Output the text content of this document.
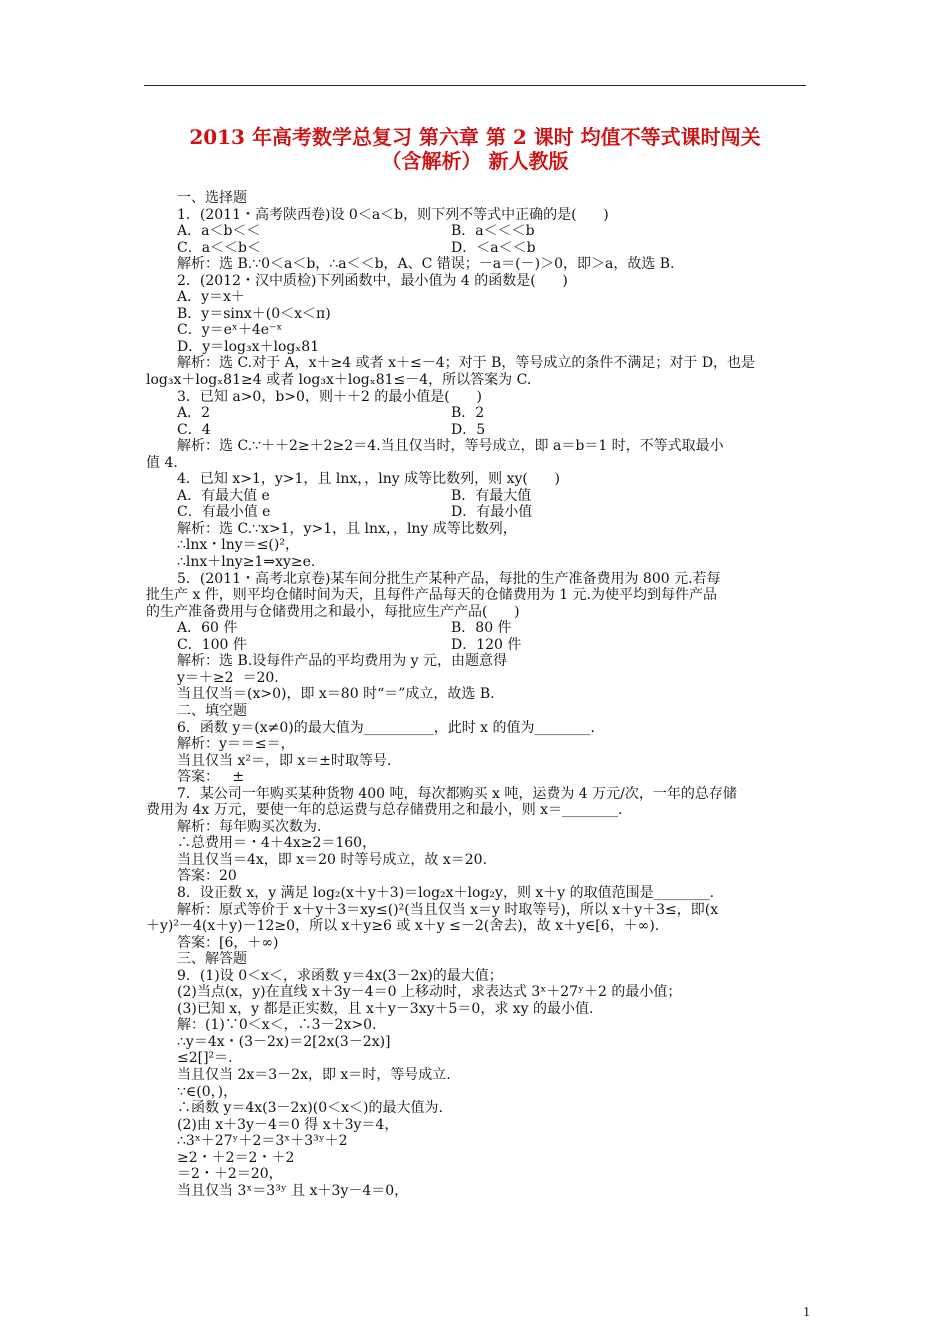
2013 年高考数学总复习 第六章 第 2 课时 均值不等式课时闯关
（含解析） 新人教版
一、选择题
1．(2011・高考陕西卷)设 0＜a＜b，则下列不等式中正确的是(      )
A．a＜b＜＜	B．a＜＜＜b
C．a＜＜b＜	D．＜a＜＜b
解析：选 B.∵0＜a＜b，∴a＜＜b，A、C 错误；－a＝(－)＞0，即＞a，故选 B.
2．(2012・汉中质检)下列函数中，最小值为 4 的函数是(      )
A．y＝x＋
B．y＝sinx＋(0＜x＜π)
C．y＝eˣ＋4e⁻ˣ
D．y＝log₃x＋logₓ81
解析：选 C.对于 A，x＋≥4 或者 x＋≤－4；对于 B，等号成立的条件不满足；对于 D，也是
log₃x＋logₓ81≥4 或者 log₃x＋logₓ81≤－4，所以答案为 C.
3．已知 a>0，b>0，则＋＋2 的最小值是(      )
A．2	B．2
C．4	D．5
解析：选 C.∵＋＋2≥＋2≥2＝4.当且仅当时，等号成立，即 a＝b＝1 时，不等式取最小
值 4.
4．已知 x>1，y>1，且 lnx，，lny 成等比数列，则 xy(      )
A．有最大值 e	B．有最大值
C．有最小值 e	D．有最小值
解析：选 C.∵x>1，y>1，且 lnx，，lny 成等比数列，
∴lnx・lny＝≤()²，
∴lnx＋lny≥1⇒xy≥e.
5．(2011・高考北京卷)某车间分批生产某种产品，每批的生产准备费用为 800 元.若每
批生产 x 件，则平均仓储时间为天，且每件产品每天的仓储费用为 1 元.为使平均到每件产品
的生产准备费用与仓储费用之和最小，每批应生产产品(      )
A．60 件	B．80 件
C．100 件	D．120 件
解析：选 B.设每件产品的平均费用为 y 元，由题意得
y＝＋≥2  ＝20.
当且仅当＝(x>0)，即 x＝80 时“＝”成立，故选 B.
二、填空题
6．函数 y＝(x≠0)的最大值为__________，此时 x 的值为________.
解析：y＝＝≤＝，
当且仅当 x²＝，即 x＝±时取等号.
答案：   ±
7．某公司一年购买某种货物 400 吨，每次都购买 x 吨，运费为 4 万元/次，一年的总存储
费用为 4x 万元，要使一年的总运费与总存储费用之和最小，则 x＝________.
解析：每年购买次数为.
∴总费用＝・4＋4x≥2＝160，
当且仅当＝4x，即 x＝20 时等号成立，故 x＝20.
答案：20
8．设正数 x，y 满足 log₂(x＋y＋3)＝log₂x＋log₂y，则 x＋y 的取值范围是________.
解析：原式等价于 x＋y＋3＝xy≤()²(当且仅当 x＝y 时取等号)，所以 x＋y＋3≤，即(x
＋y)²－4(x＋y)－12≥0，所以 x＋y≥6 或 x＋y ≤－2(舍去)，故 x＋y∈[6，＋∞).
答案：[6，＋∞)
三、解答题
9．(1)设 0＜x＜，求函数 y＝4x(3－2x)的最大值；
(2)当点(x，y)在直线 x＋3y－4＝0 上移动时，求表达式 3ˣ＋27ʸ＋2 的最小值；
(3)已知 x，y 都是正实数，且 x＋y－3xy＋5＝0，求 xy 的最小值.
解：(1)∵0＜x＜，∴3－2x>0.
∴y＝4x・(3－2x)＝2[2x(3－2x)]
≤2[]²＝.
当且仅当 2x＝3－2x，即 x＝时，等号成立.
∵∈(0，)，
∴函数 y＝4x(3－2x)(0＜x＜)的最大值为.
(2)由 x＋3y－4＝0 得 x＋3y＝4，
∴3ˣ＋27ʸ＋2＝3ˣ＋3³ʸ＋2
≥2・＋2＝2・＋2
＝2・＋2＝20，
当且仅当 3ˣ＝3³ʸ 且 x＋3y－4＝0，
1
